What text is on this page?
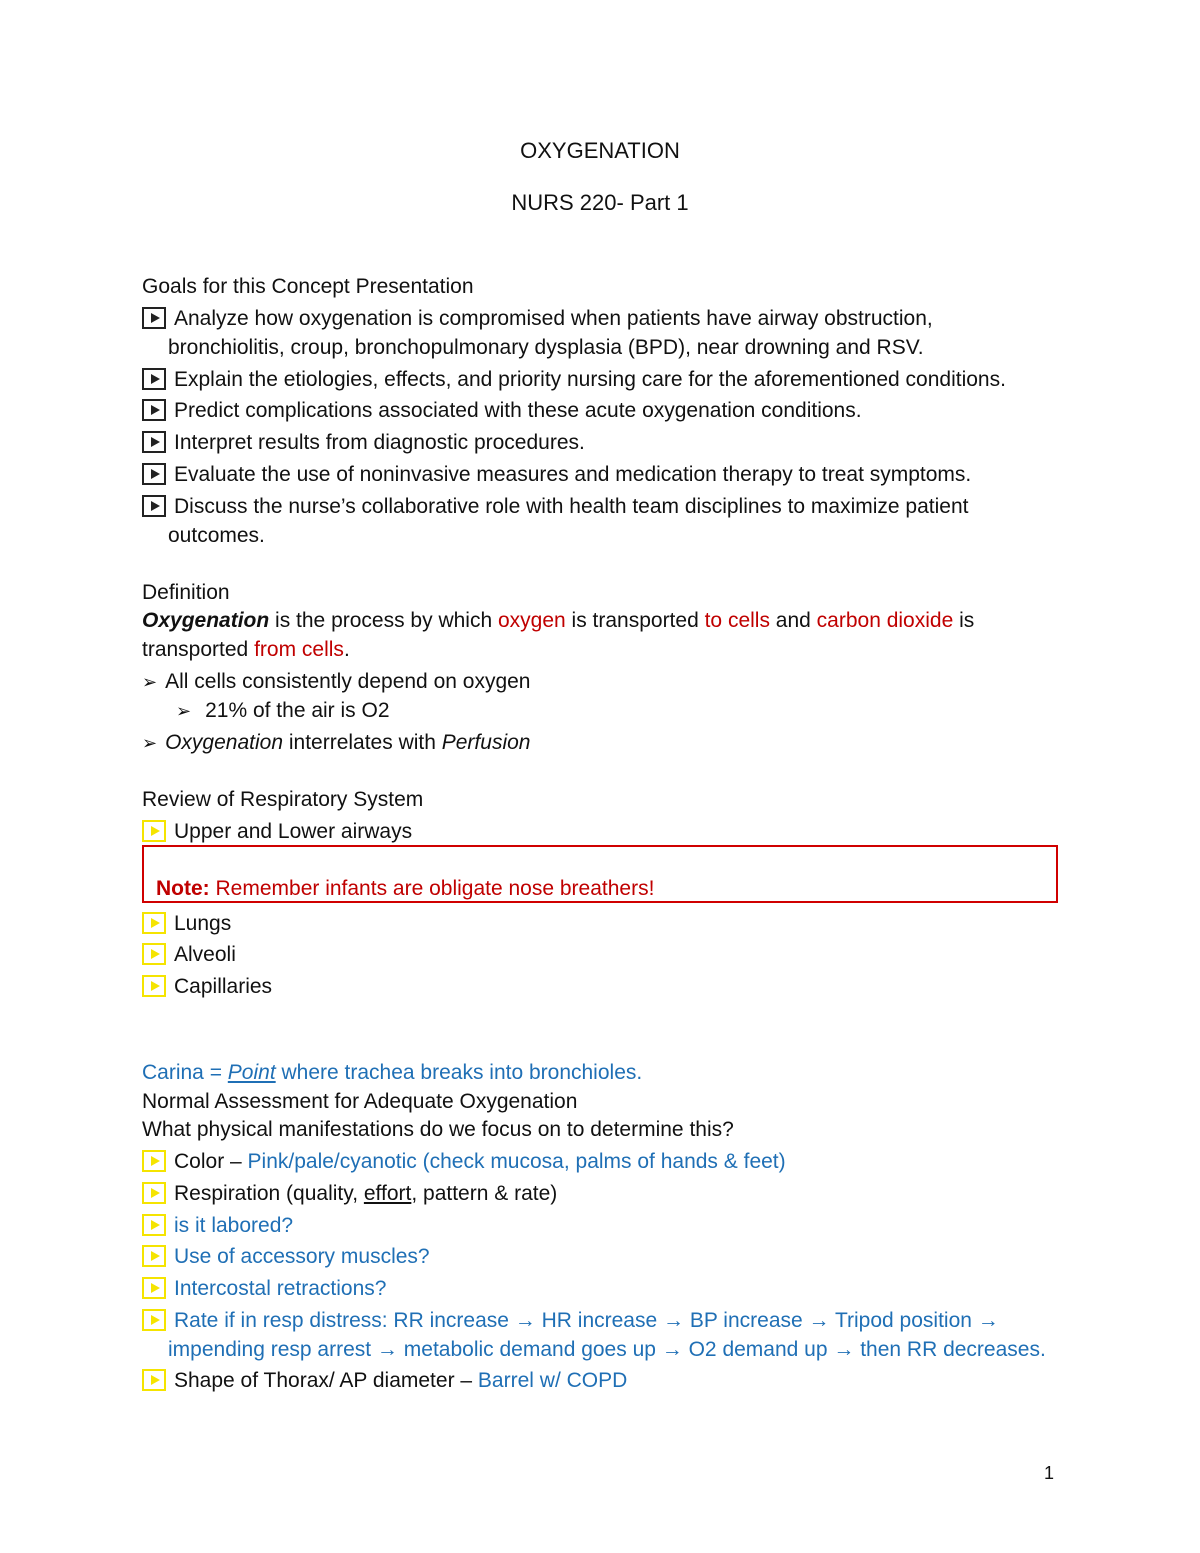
OXYGENATION
NURS 220- Part 1
Goals for this Concept Presentation
Analyze how oxygenation is compromised when patients have airway obstruction,
bronchiolitis, croup, bronchopulmonary dysplasia (BPD), near drowning and RSV.
Explain the etiologies, effects, and priority nursing care for the aforementioned conditions.
Predict complications associated with these acute oxygenation conditions.
Interpret results from diagnostic procedures.
Evaluate the use of noninvasive measures and medication therapy to treat symptoms.
Discuss the nurse’s collaborative role with health team disciplines to maximize patient
outcomes.
Definition
Oxygenation is the process by which oxygen is transported to cells and carbon dioxide is
transported from cells.
➢ All cells consistently depend on oxygen
➢ 21% of the air is O2
➢ Oxygenation interrelates with Perfusion
Review of Respiratory System
Upper and Lower airways
Note: Remember infants are obligate nose breathers!
Lungs
Alveoli
Capillaries
Carina = Point where trachea breaks into bronchioles.
Normal Assessment for Adequate Oxygenation
What physical manifestations do we focus on to determine this?
Color – Pink/pale/cyanotic (check mucosa, palms of hands & feet)
Respiration (quality, effort, pattern & rate)
is it labored?
Use of accessory muscles?
Intercostal retractions?
Rate if in resp distress: RR increase → HR increase → BP increase → Tripod position →
impending resp arrest → metabolic demand goes up → O2 demand up → then RR decreases.
Shape of Thorax/ AP diameter – Barrel w/ COPD
1
